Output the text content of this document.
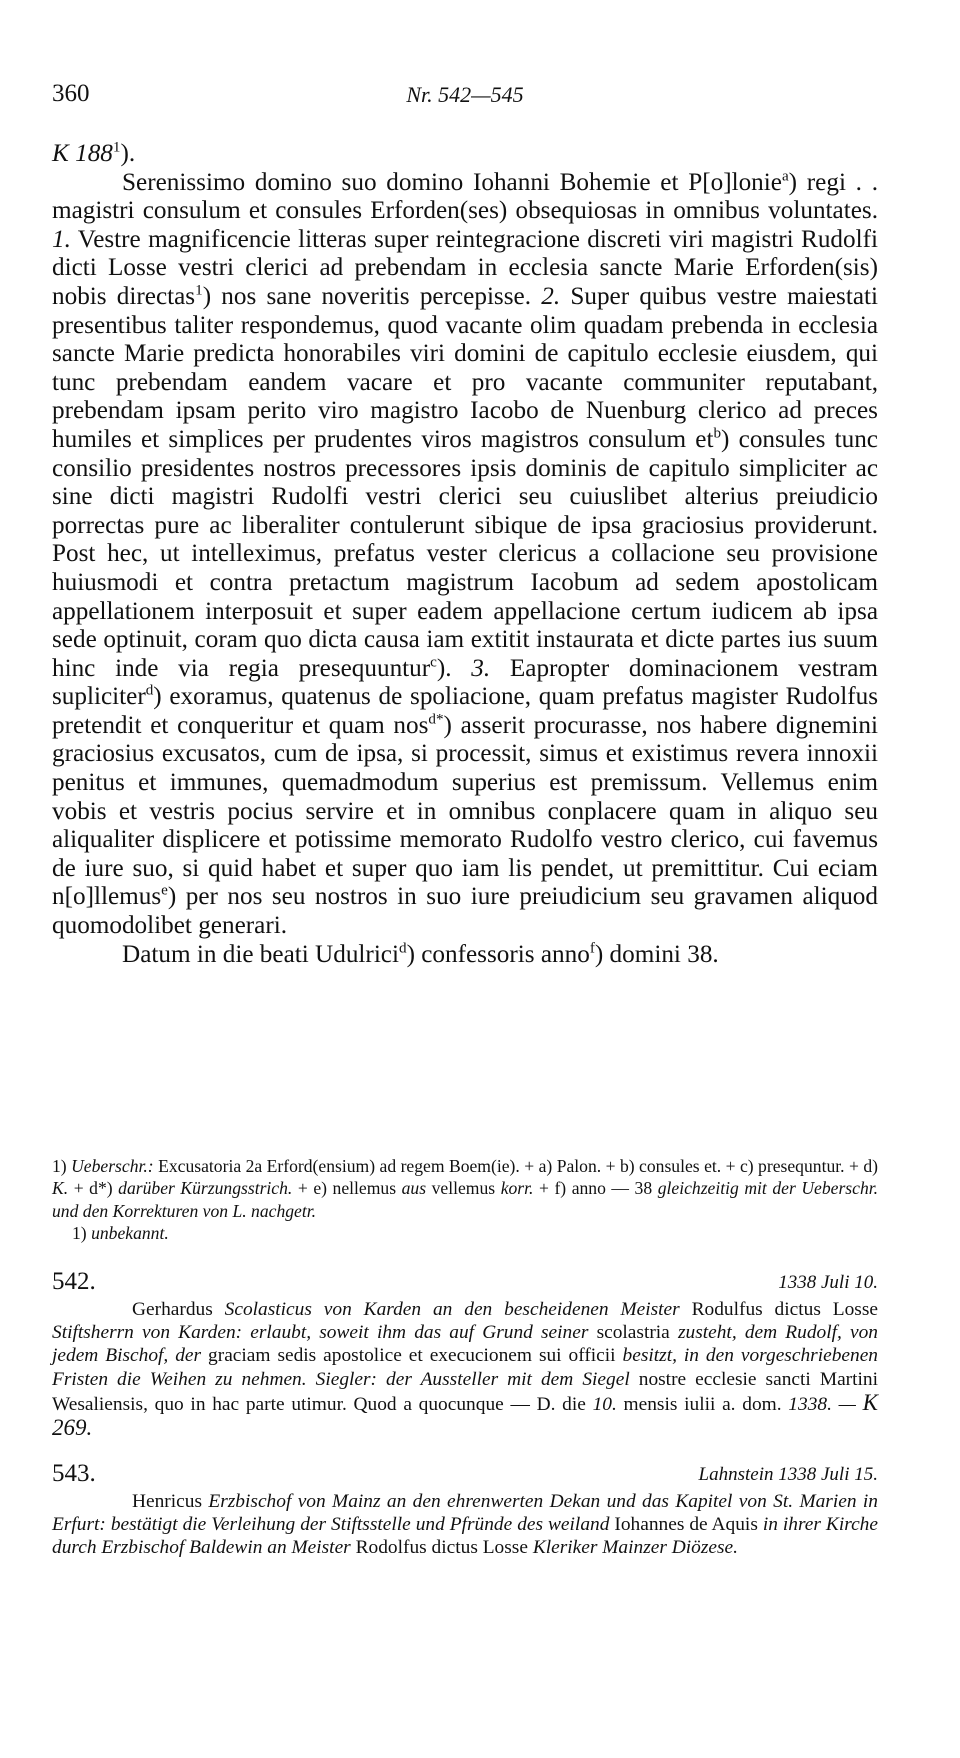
360	Nr. 542—545

K $188^1$).

Serenissimo domino suo domino Iohanni Bohemie et P[o]lonie$^a$) regi . . magistri consulum et consules Erforden(ses) obsequiosas in omnibus voluntates. 1. Vestre magnificencie litteras super reintegracione discreti viri magistri Rudolfi dicti Losse vestri clerici ad prebendam in ecclesia sancte Marie Erforden(sis) nobis directas$^1$) nos sane noveritis percepisse. 2. Super quibus vestre maiestati presentibus taliter respondemus, quod vacante olim quadam prebenda in ecclesia sancte Marie predicta honorabiles viri domini de capitulo ecclesie eiusdem, qui tunc prebendam eandem vacare et pro vacante communiter reputabant, prebendam ipsam perito viro magistro Iacobo de Nuenburg clerico ad preces humiles et simplices per prudentes viros magistros consulum $et^b$) consules tunc consilio presidentes nostros precessores ipsis dominis de capitulo simpliciter ac sine dicti magistri Rudolfi vestri clerici seu cuiuslibet alterius preiudicio porrectas pure ac liberaliter contulerunt sibique de ipsa graciosius providerunt. Post hec, ut intelleximus, prefatus vester clericus a collacione seu provisione huiusmodi et contra pretactum magistrum Iacobum ad sedem apostolicam appellationem interposuit et super eadem appellacione certum iudicem ab ipsa sede optinuit, coram quo dicta causa iam extitit instaurata et dicte partes ius suum hinc inde via regia presequuntur$^c$). 3. Eapropter dominacionem vestram supliciter$^d$) exoramus, quatenus de spoliacione, quam prefatus magister Rudolfus pretendit et conqueritur et quam nos$^{d*}$) asserit procurasse, nos habere dignemini graciosius excusatos, cum de ipsa, si processit, simus et existimus revera innoxii penitus et immunes, quemadmodum superius est premissum. Vellemus enim vobis et vestris pocius servire et in omnibus conplacere quam in aliquo seu aliqualiter displicere et potissime memorato Rudolfo vestro clerico, cui favemus de iure suo, si quid habet et super quo iam lis pendet, ut premittitur. Cui eciam n[o]llemus$^e$) per nos seu nostros in suo iure preiudicium seu gravamen aliquod quomodolibet generari.

Datum in die beati Udulrici$^d$) confessoris anno$^f$) domini 38.

1) Ueberschr.: Excusatoria 2a Erford(ensium) ad regem Boem(ie). + a) Palon. + b) consules et. + c) presequntur. + d) K. + d*) darüber Kürzungsstrich. + e) nellemus aus vellemus korr. + f) anno — 38 gleichzeitig mit der Ueberschr. und den Korrekturen von L. nachgetr.

1) unbekannt.

542.	1338 Juli 10.

Gerhardus Scolasticus von Karden an den bescheidenen Meister Rodulfus dictus Losse Stiftsherrn von Karden: erlaubt, soweit ihm das auf Grund seiner scolastria zusteht, dem Rudolf, von jedem Bischof, der graciam sedis apostolice et execucionem sui officii besitzt, in den vorgeschriebenen Fristen die Weihen zu nehmen. Siegler: der Aussteller mit dem Siegel nostre ecclesie sancti Martini Wesaliensis, quo in hac parte utimur. Quod a quocunque — D. die 10. mensis iulii a. dom. 1338. — K 269.

543.	Lahnstein 1338 Juli 15.

Henricus Erzbischof von Mainz an den ehrenwerten Dekan und das Kapitel von St. Marien in Erfurt: bestätigt die Verleihung der Stiftsstelle und Pfründe des weiland Iohannes de Aquis in ihrer Kirche durch Erzbischof Baldewin an Meister Rodolfus dictus Losse Kleriker Mainzer Diözese.
